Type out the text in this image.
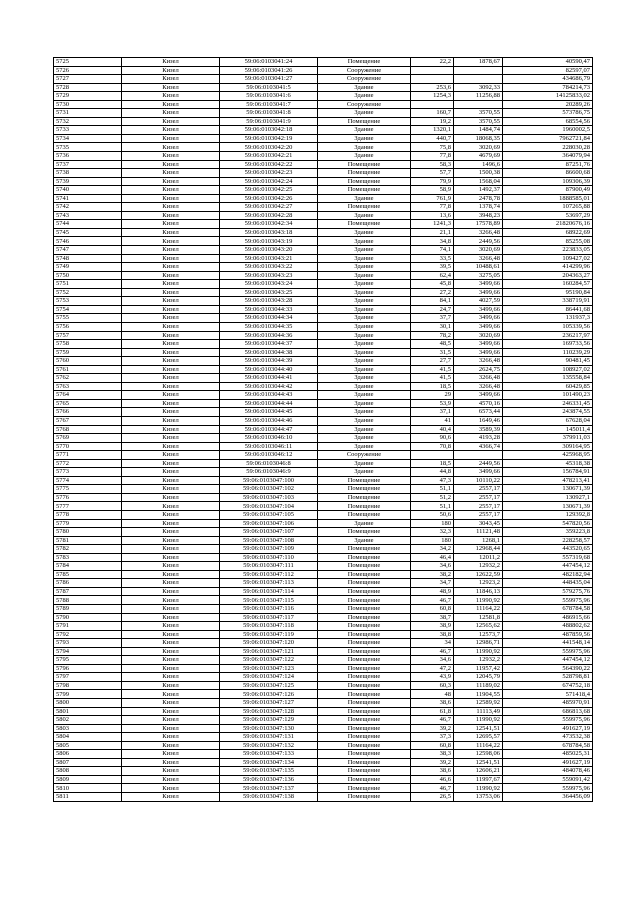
5725	Кизел	59:06:0103041:24	Помещение	22,2	1878,67	40590,47
5726	Кизел	59:06:0103041:26	Сооружение			82597,07
5727	Кизел	59:06:0103041:27	Сооружение			434686,79
5728	Кизел	59:06:0103041:5	Здание	253,6	3092,33	784214,73
5729	Кизел	59:06:0103041:6	Здание	1254,3	11256,88	14125833,02
5730	Кизел	59:06:0103041:7	Сооружение			20289,26
5731	Кизел	59:06:0103041:8	Здание	160,7	3570,55	573786,75
5732	Кизел	59:06:0103041:9	Помещение	19,2	3570,55	68554,56
5733	Кизел	59:06:0103042:18	Здание	1320,1	1484,74	1960002,5
5734	Кизел	59:06:0103042:19	Здание	440,7	18068,35	7962721,84
5735	Кизел	59:06:0103042:20	Здание	75,8	3020,69	228030,28
5736	Кизел	59:06:0103042:21	Здание	77,8	4679,69	364079,94
5737	Кизел	59:06:0103042:22	Помещение	58,3	1496,6	87251,76
5738	Кизел	59:06:0103042:23	Помещение	57,7	1500,38	86600,68
5739	Кизел	59:06:0103042:24	Помещение	79,9	1568,04	109306,39
5740	Кизел	59:06:0103042:25	Помещение	58,9	1492,37	87900,49
5741	Кизел	59:06:0103042:26	Здание	761,9	2478,78	1888585,01
5742	Кизел	59:06:0103042:27	Помещение	77,8	1378,74	107265,88
5743	Кизел	59:06:0103042:28	Здание	13,6	3948,23	53697,29
5744	Кизел	59:06:0103042:34	Помещение	1241,3	17578,89	21820676,16
5745	Кизел	59:06:0103043:18	Здание	21,1	3266,48	68922,69
5746	Кизел	59:06:0103043:19	Здание	34,8	2449,56	85255,08
5747	Кизел	59:06:0103043:20	Здание	74,1	3020,69	223833,05
5748	Кизел	59:06:0103043:21	Здание	33,5	3266,48	109427,02
5749	Кизел	59:06:0103043:22	Здание	39,5	10488,61	414299,96
5750	Кизел	59:06:0103043:23	Здание	62,4	3275,05	204363,27
5751	Кизел	59:06:0103043:24	Здание	45,8	3499,66	160284,57
5752	Кизел	59:06:0103043:25	Здание	27,2	3499,66	95190,84
5753	Кизел	59:06:0103043:28	Здание	84,1	4027,59	338719,91
5754	Кизел	59:06:0103044:33	Здание	24,7	3499,66	86441,68
5755	Кизел	59:06:0103044:34	Здание	37,7	3499,66	131937,3
5756	Кизел	59:06:0103044:35	Здание	30,1	3499,66	105339,56
5757	Кизел	59:06:0103044:36	Здание	78,2	3020,69	236217,97
5758	Кизел	59:06:0103044:37	Здание	48,5	3499,66	169733,56
5759	Кизел	59:06:0103044:38	Здание	31,5	3499,66	110239,29
5760	Кизел	59:06:0103044:39	Здание	27,7	3266,48	90481,45
5761	Кизел	59:06:0103044:40	Здание	41,5	2624,75	108927,02
5762	Кизел	59:06:0103044:41	Здание	41,5	3266,48	135558,84
5763	Кизел	59:06:0103044:42	Здание	18,5	3266,48	60429,85
5764	Кизел	59:06:0103044:43	Здание	29	3499,66	101490,23
5765	Кизел	59:06:0103044:44	Здание	53,9	4570,16	246331,45
5766	Кизел	59:06:0103044:45	Здание	37,1	6573,44	243874,55
5767	Кизел	59:06:0103044:46	Здание	41	1649,46	67628,04
5768	Кизел	59:06:0103044:47	Здание	40,4	3589,39	145011,4
5769	Кизел	59:06:0103046:10	Здание	90,6	4193,28	379911,03
5770	Кизел	59:06:0103046:11	Здание	70,8	4366,74	309164,95
5771	Кизел	59:06:0103046:12	Сооружение			425968,95
5772	Кизел	59:06:0103046:8	Здание	18,5	2449,56	45318,38
5773	Кизел	59:06:0103046:9	Здание	44,8	3499,66	156784,91
5774	Кизел	59:06:0103047:100	Помещение	47,3	10110,22	478213,41
5775	Кизел	59:06:0103047:102	Помещение	51,1	2557,17	130671,39
5776	Кизел	59:06:0103047:103	Помещение	51,2	2557,17	130927,1
5777	Кизел	59:06:0103047:104	Помещение	51,1	2557,17	130671,39
5778	Кизел	59:06:0103047:105	Помещение	50,6	2557,17	129392,8
5779	Кизел	59:06:0103047:106	Здание	180	3043,45	547820,56
5780	Кизел	59:06:0103047:107	Помещение	32,3	11121,48	359223,8
5781	Кизел	59:06:0103047:108	Здание	180	1268,1	228258,57
5782	Кизел	59:06:0103047:109	Помещение	34,2	12968,44	443520,65
5783	Кизел	59:06:0103047:110	Помещение	46,4	12011,2	557319,68
5784	Кизел	59:06:0103047:111	Помещение	34,6	12932,2	447454,12
5785	Кизел	59:06:0103047:112	Помещение	38,2	12622,59	482182,94
5786	Кизел	59:06:0103047:113	Помещение	34,7	12923,2	448435,04
5787	Кизел	59:06:0103047:114	Помещение	48,9	11846,13	579275,76
5788	Кизел	59:06:0103047:115	Помещение	46,7	11990,92	559975,96
5789	Кизел	59:06:0103047:116	Помещение	60,8	11164,22	678784,58
5790	Кизел	59:06:0103047:117	Помещение	38,7	12581,8	486915,66
5791	Кизел	59:06:0103047:118	Помещение	38,9	12565,62	488802,62
5792	Кизел	59:06:0103047:119	Помещение	38,8	12573,7	487859,56
5793	Кизел	59:06:0103047:120	Помещение	34	12986,71	441548,14
5794	Кизел	59:06:0103047:121	Помещение	46,7	11990,92	559975,96
5795	Кизел	59:06:0103047:122	Помещение	34,6	12932,2	447454,12
5796	Кизел	59:06:0103047:123	Помещение	47,2	11957,42	564390,22
5797	Кизел	59:06:0103047:124	Помещение	43,9	12045,79	528798,81
5798	Кизел	59:06:0103047:125	Помещение	60,3	11189,02	674752,18
5799	Кизел	59:06:0103047:126	Помещение	48	11904,55	571418,4
5800	Кизел	59:06:0103047:127	Помещение	38,6	12589,92	485970,91
5801	Кизел	59:06:0103047:128	Помещение	61,8	11113,49	686813,68
5802	Кизел	59:06:0103047:129	Помещение	46,7	11990,92	559975,96
5803	Кизел	59:06:0103047:130	Помещение	39,2	12541,51	491627,19
5804	Кизел	59:06:0103047:131	Помещение	37,3	12695,57	473532,38
5805	Кизел	59:06:0103047:132	Помещение	60,8	11164,22	678784,58
5806	Кизел	59:06:0103047:133	Помещение	38,3	12598,06	485025,31
5807	Кизел	59:06:0103047:134	Помещение	39,2	12541,51	491627,19
5808	Кизел	59:06:0103047:135	Помещение	38,6	12606,21	484078,46
5809	Кизел	59:06:0103047:136	Помещение	46,6	11997,67	559091,42
5810	Кизел	59:06:0103047:137	Помещение	46,7	11990,92	559975,96
5811	Кизел	59:06:0103047:138	Помещение	26,5	13753,06	364456,09
